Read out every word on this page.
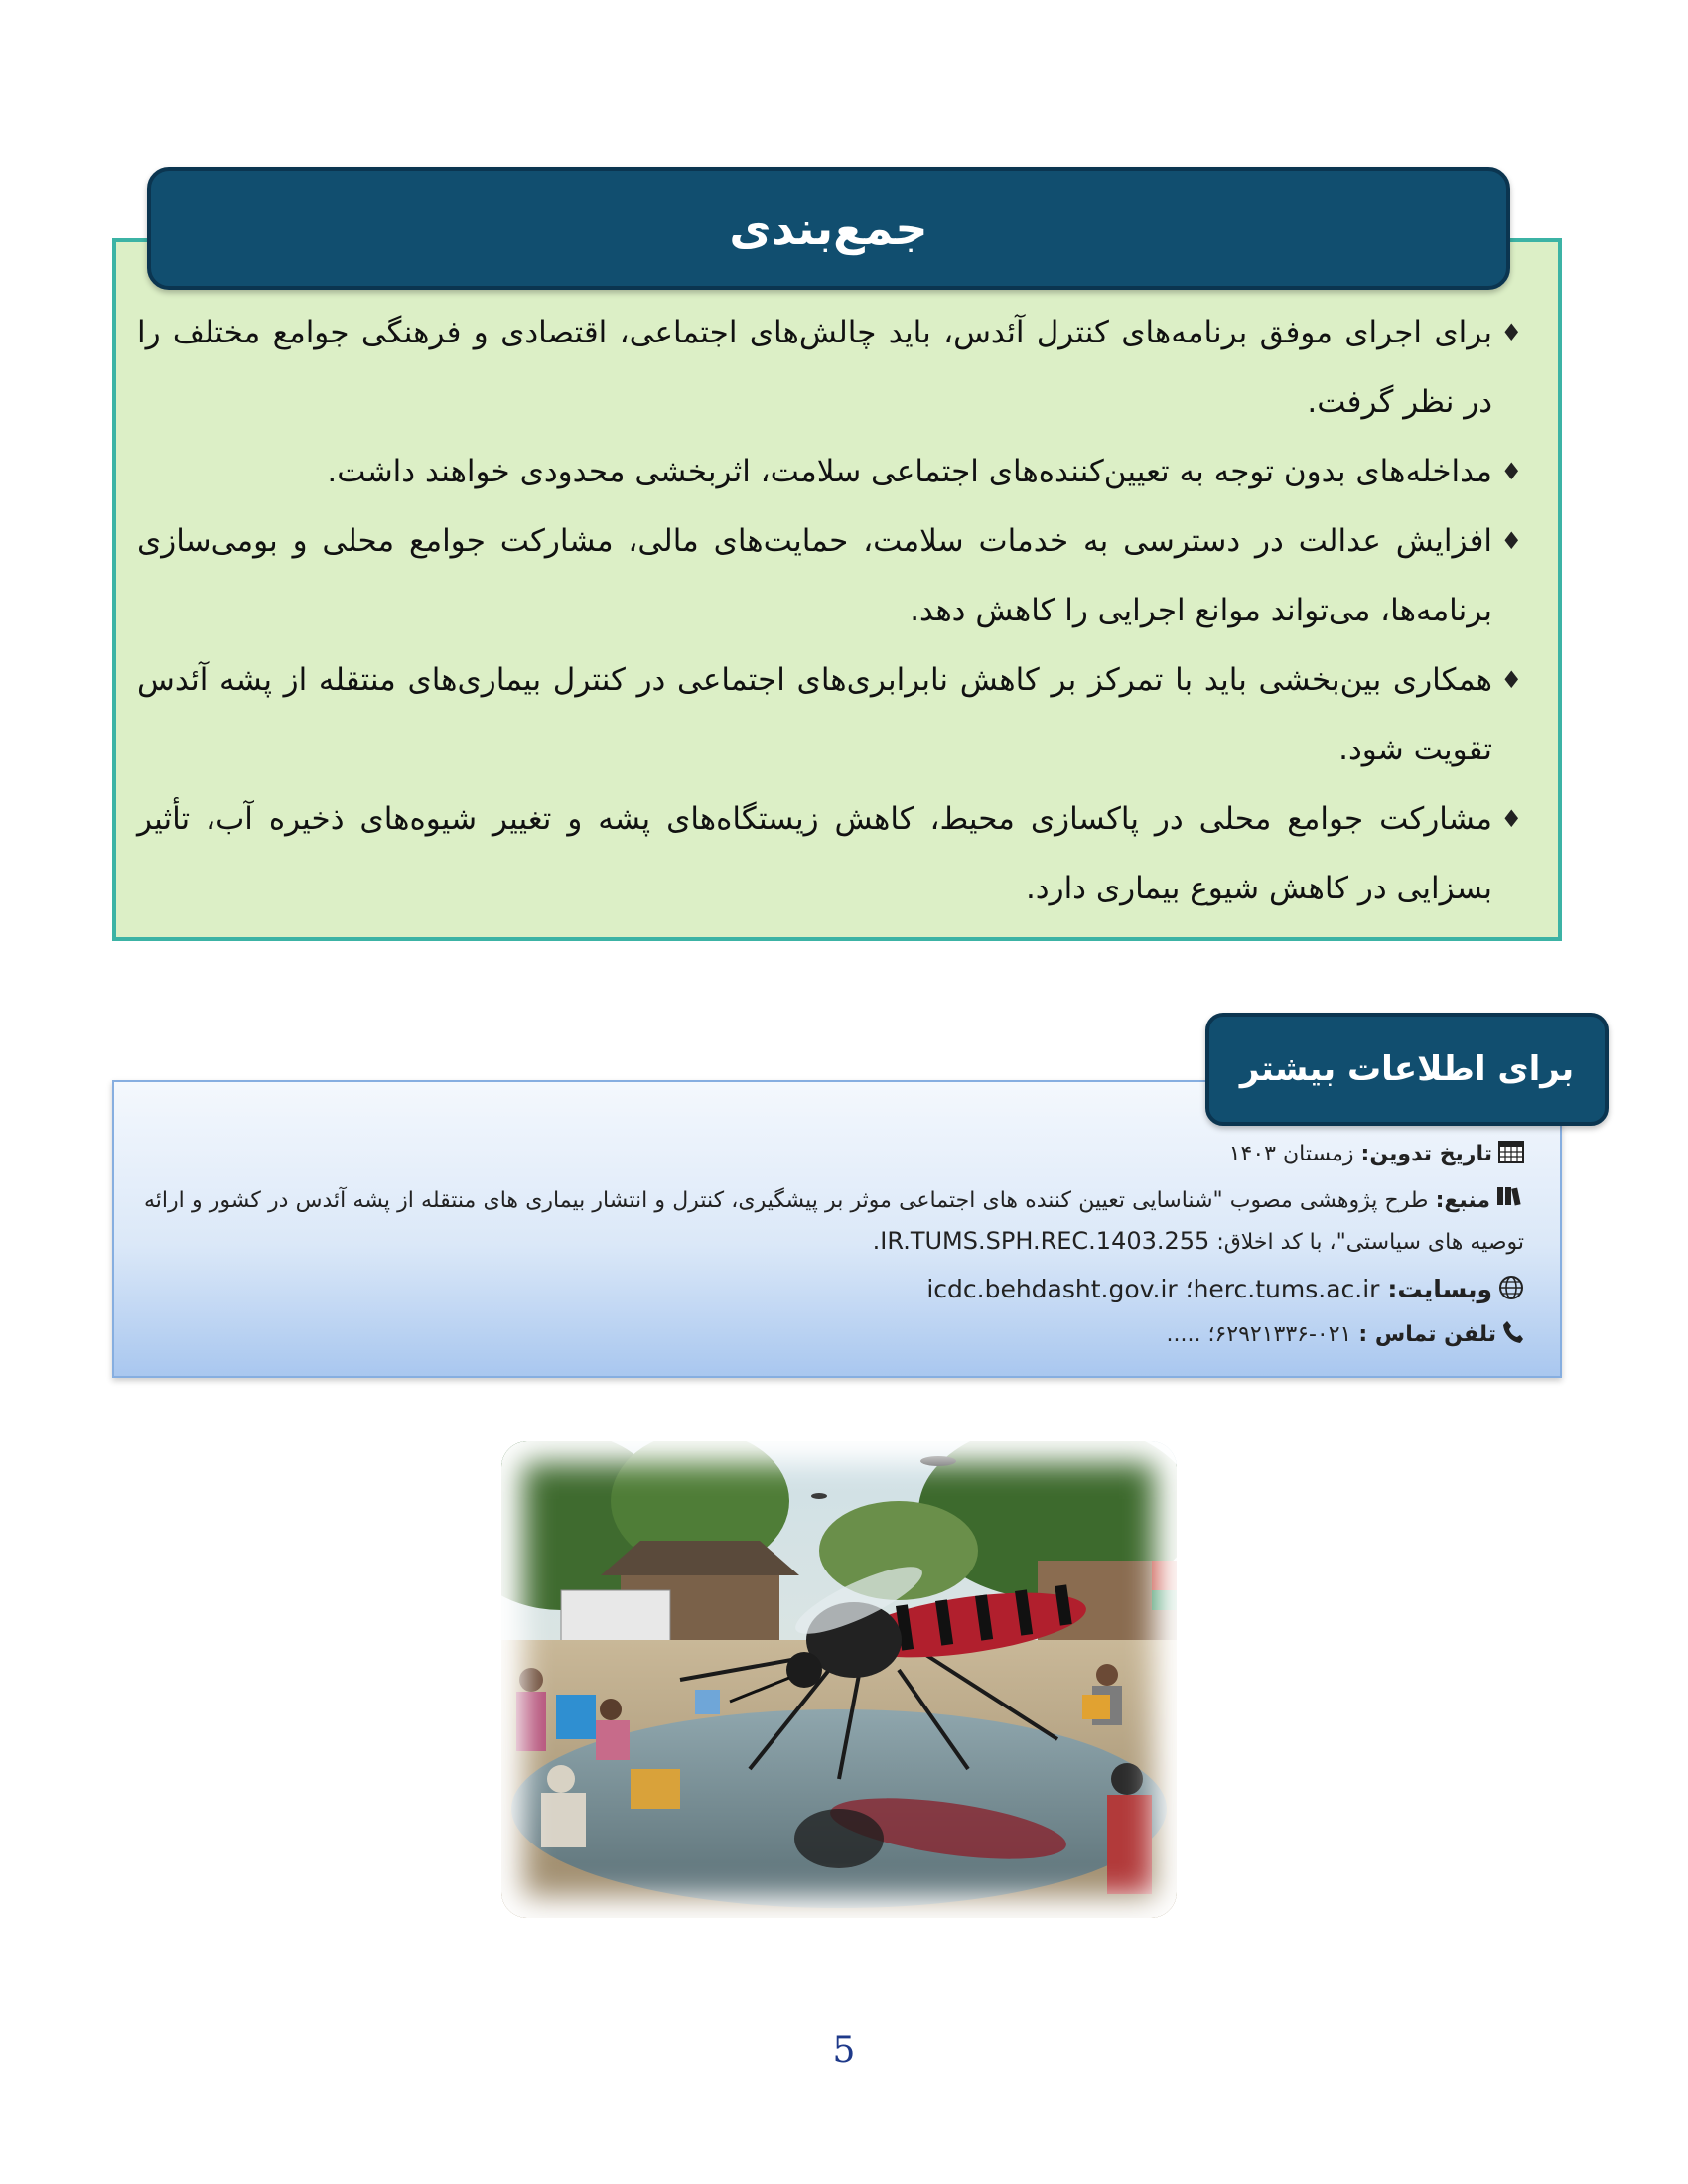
جمع‌بندی
♦
برای اجرای موفق برنامه‌های کنترل آئدس، باید چالش‌های اجتماعی، اقتصادی و فرهنگی جوامع مختلف را در نظر گرفت.
♦
مداخله‌های بدون توجه به تعیین‌کننده‌های اجتماعی سلامت، اثربخشی محدودی خواهند داشت.
♦
افزایش عدالت در دسترسی به خدمات سلامت، حمایت‌های مالی، مشارکت جوامع محلی و بومی‌سازی برنامه‌ها، می‌تواند موانع اجرایی را کاهش دهد.
♦
همکاری بین‌بخشی باید با تمرکز بر کاهش نابرابری‌های اجتماعی در کنترل بیماری‌های منتقله از پشه آئدس تقویت شود.
♦
مشارکت جوامع محلی در پاکسازی محیط، کاهش زیستگاه‌های پشه و تغییر شیوه‌های ذخیره آب، تأثیر بسزایی در کاهش شیوع بیماری دارد.
برای اطلاعات بیشتر
تاریخ تدوین: زمستان ۱۴۰۳
منبع: طرح پژوهشی مصوب "شناسایی تعیین کننده های اجتماعی موثر بر پیشگیری، کنترل و انتشار بیماری های منتقله از پشه آئدس در کشور و ارائه توصیه های سیاستی"، با کد اخلاق: IR.TUMS.SPH.REC.1403.255.
وبسایت: herc.tums.ac.ir؛ icdc.behdasht.gov.ir
تلفن تماس : ۰۲۱-۶۲۹۲۱۳۳۶؛ .....
5
